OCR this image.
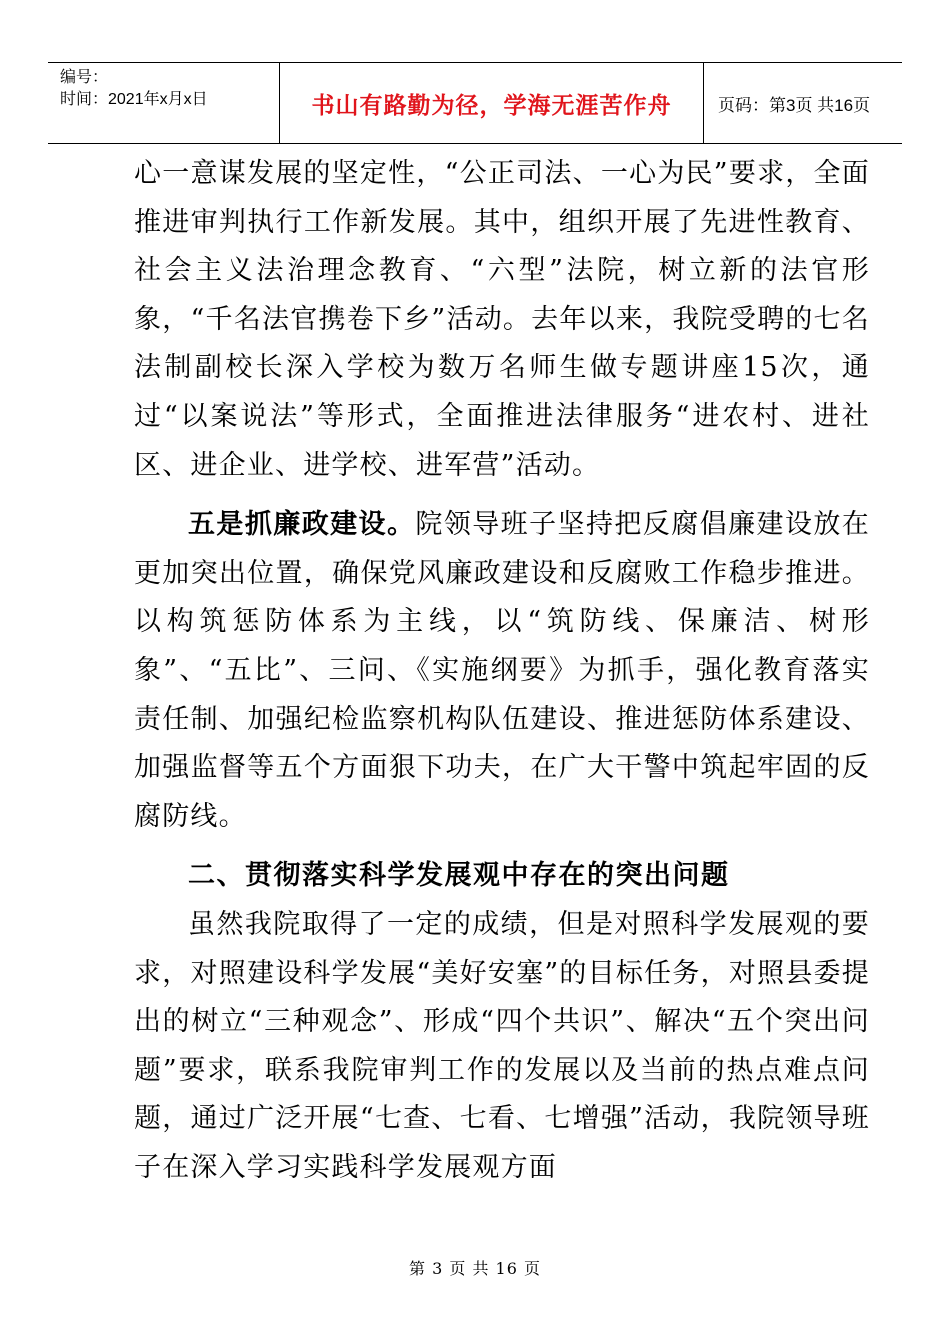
编号：
时间：2021年x月x日	书山有路勤为径，学海无涯苦作舟	页码：第3页 共16页

心一意谋发展的坚定性，“公正司法、一心为民”要求，全面推进审判执行工作新发展。其中，组织开展了先进性教育、社会主义法治理念教育、“六型”法院，树立新的法官形象，“千名法官携卷下乡”活动。去年以来，我院受聘的七名法制副校长深入学校为数万名师生做专题讲座15次，通过“以案说法”等形式，全面推进法律服务“进农村、进社区、进企业、进学校、进军营”活动。

五是抓廉政建设。院领导班子坚持把反腐倡廉建设放在更加突出位置，确保党风廉政建设和反腐败工作稳步推进。以构筑惩防体系为主线，以“筑防线、保廉洁、树形象”、“五比”、三问、《实施纲要》为抓手，强化教育落实责任制、加强纪检监察机构队伍建设、推进惩防体系建设、加强监督等五个方面狠下功夫，在广大干警中筑起牢固的反腐防线。

二、贯彻落实科学发展观中存在的突出问题

虽然我院取得了一定的成绩，但是对照科学发展观的要求，对照建设科学发展“美好安塞”的目标任务，对照县委提出的树立“三种观念”、形成“四个共识”、解决“五个突出问题”要求，联系我院审判工作的发展以及当前的热点难点问题，通过广泛开展“七查、七看、七增强”活动，我院领导班子在深入学习实践科学发展观方面

第 3 页 共 16 页
